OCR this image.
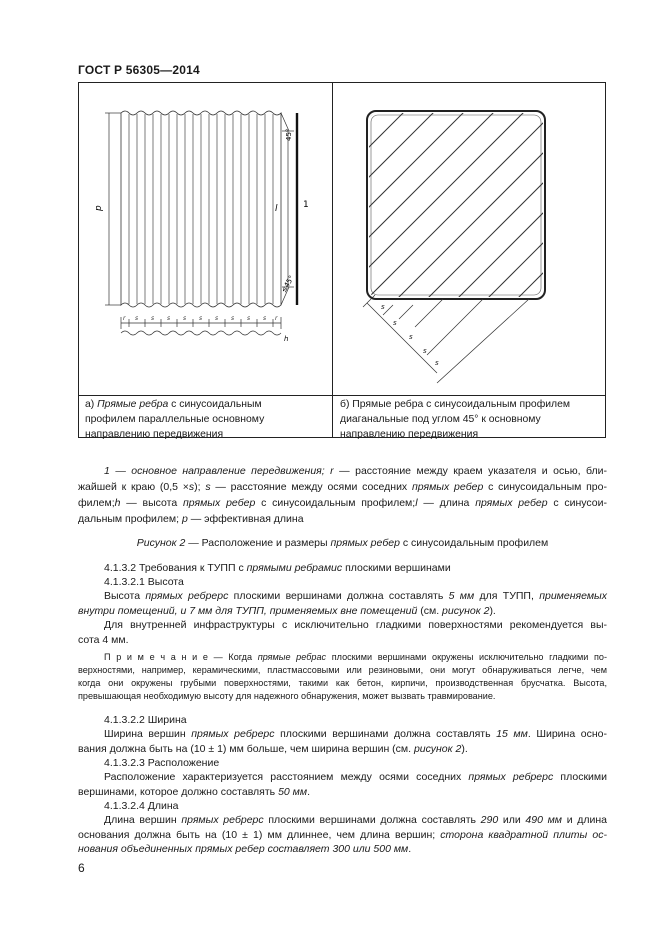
ГОСТ Р 56305—2014
p	l	1
45°
≤45°
r s s s s s s s s s r
h
s
s
s
s
s
а) Прямые ребра с синусоидальным
профилем параллельные основному
направлению передвижения
б) Прямые ребра с синусоидальным профилем
диаганальные под углом 45° к основному
направлению передвижения
1 — основное направление передвижения; r — расстояние между краем указателя и осью, бли-
жайшей к краю (0,5 ×s); s — расстояние между осями соседних прямых ребер с синусоидальным про-
филем;h — высота прямых ребер с синусоидальным профилем;l — длина прямых ребер с синусои-
дальным профилем; p — эффективная длина
Рисунок 2 — Расположение и размеры прямых ребер с синусоидальным профилем
4.1.3.2 Требования к ТУПП с прямыми ребрамис плоскими вершинами
4.1.3.2.1 Высота
Высота прямых ребрерс плоскими вершинами должна составлять 5 мм для ТУПП, применяемых
внутри помещений, и 7 мм для ТУПП, применяемых вне помещений (см. рисунок 2).
Для внутренней инфраструктуры с исключительно гладкими поверхностями рекомендуется вы-
сота 4 мм.
П р и м е ч а н и е — Когда прямые ребрас плоскими вершинами окружены исключительно гладкими по-
верхностями, например, керамическими, пластмассовыми или резиновыми, они могут обнаруживаться легче, чем
когда они окружены грубыми поверхностями, такими как бетон, кирпичи, производственная брусчатка. Высота,
превышающая необходимую высоту для надежного обнаружения, может вызвать травмирование.
4.1.3.2.2 Ширина
Ширина вершин прямых ребрерс плоскими вершинами должна составлять 15 мм. Ширина осно-
вания должна быть на (10 ± 1) мм больше, чем ширина вершин (см. рисунок 2).
4.1.3.2.3 Расположение
Расположение характеризуется расстоянием между осями соседних прямых ребрерс плоскими
вершинами, которое должно составлять 50 мм.
4.1.3.2.4 Длина
Длина вершин прямых ребрерс плоскими вершинами должна составлять 290 или 490 мм и длина
основания должна быть на (10 ± 1) мм длиннее, чем длина вершин; сторона квадратной плиты ос-
нования объединенных прямых ребер составляет 300 или 500 мм.
6
